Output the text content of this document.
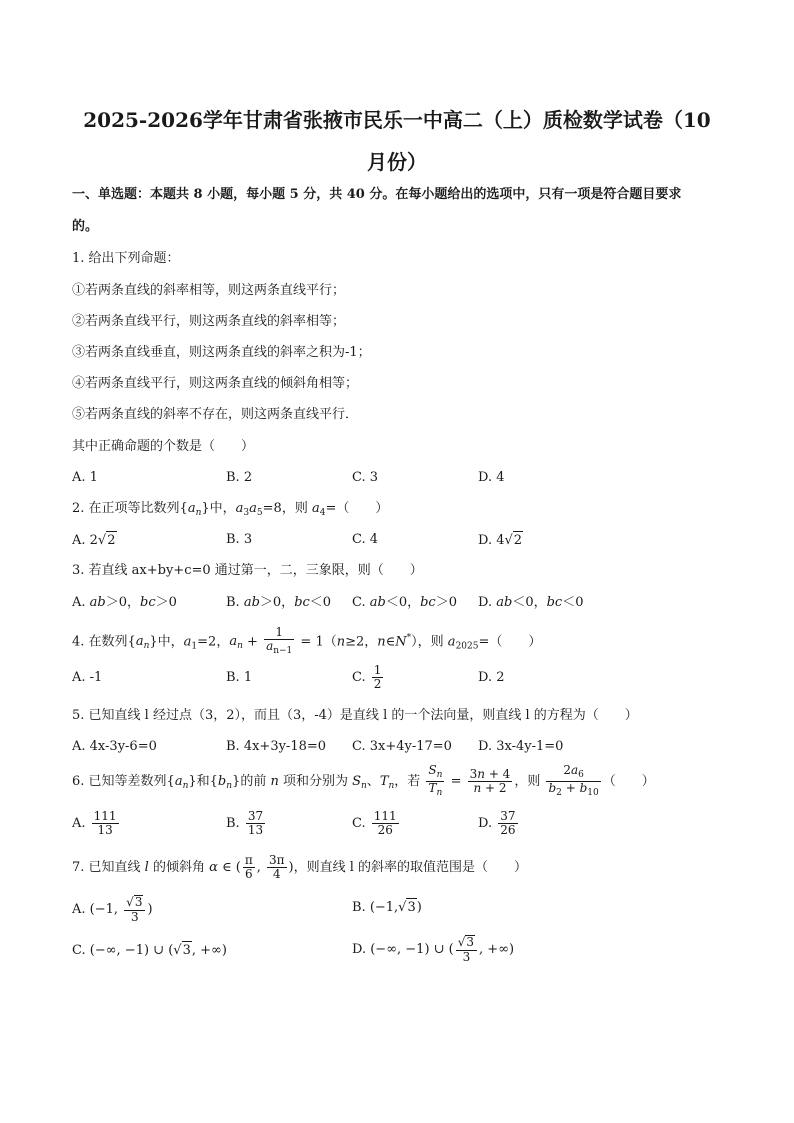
2025-2026学年甘肃省张掖市民乐一中高二（上）质检数学试卷（10
月份）
一、单选题：本题共 8 小题，每小题 5 分，共 40 分。在每小题给出的选项中，只有一项是符合题目要求
的。
1. 给出下列命题：
①若两条直线的斜率相等，则这两条直线平行；
②若两条直线平行，则这两条直线的斜率相等；
③若两条直线垂直，则这两条直线的斜率之积为-1；
④若两条直线平行，则这两条直线的倾斜角相等；
⑤若两条直线的斜率不存在，则这两条直线平行．
其中正确命题的个数是（　　）
A. 1	B. 2	C. 3	D. 4
2. 在正项等比数列$\{a_n\}$中，$a_3a_5=8$，则 $a_4=$（　　）
A. 2√2	B. 3	C. 4	D. 4√2
3. 若直线 ax+by+c=0 通过第一，二，三象限，则（　　）
A. ab＞0，bc＞0	B. ab＞0，bc＜0 C. ab＜0，bc＞0 D. ab＜0，bc＜0
4. 在数列$\{a_n\}$中，$a_1=2$，$a_n + \frac{1}{a_{n-1}} = 1(n\ge 2$，n∈N*），则 $a_{2025}=$（　　）
A. -1	B. 1	C. $\frac{1}{2}$	D. 2
5. 已知直线 l 经过点（3，2），而且（3，-4）是直线 l 的一个法向量，则直线 l 的方程为（　　）
A. 4x-3y-6=0	B. 4x+3y-18=0 C. 3x+4y-17=0 D. 3x-4y-1=0
6. 已知等差数列$\{a_n\}$和$\{b_n\}$的前 n 项和分别为 $S_n$、$T_n$，若 $\frac{S_n}{T_n} = \frac{3n + 4}{n + 2}$ ，则 $\frac{2a_6}{b_2 + b_{10}}$ （　　）
A. $\frac{111}{13}$	B. $\frac{37}{13}$	C. $\frac{111}{26}$	D. $\frac{37}{26}$
7. 已知直线 l 的倾斜角 α ∈ ( $\frac{\pi}{6}$ , $\frac{3\pi}{4}$ )，则直线 l 的斜率的取值范围是（　　）
A. (−1, $\frac{√3}{3}$ )	B. (−1,√3)
C. (−∞, −1) ∪ (√3, +∞)	D. (−∞, −1) ∪ ( $\frac{√3}{3}$ , +∞)
